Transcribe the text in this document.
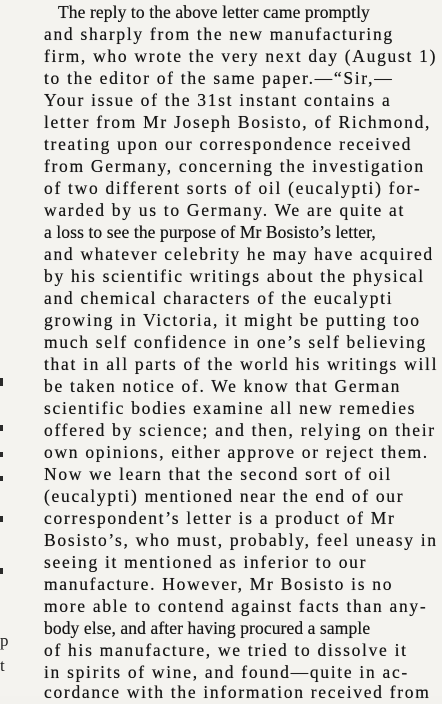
p
t
The reply to the above letter came promptly
and sharply from the new manufacturing
firm, who wrote the very next day (August 1)
to the editor of the same paper.—“Sir,—
Your issue of the 31st instant contains a
letter from Mr Joseph Bosisto, of Richmond,
treating upon our correspondence received
from Germany, concerning the investigation
of two different sorts of oil (eucalypti) for-
warded by us to Germany. We are quite at
a loss to see the purpose of Mr Bosisto’s letter,
and whatever celebrity he may have acquired
by his scientific writings about the physical
and chemical characters of the eucalypti
growing in Victoria, it might be putting too
much self confidence in one’s self believing
that in all parts of the world his writings will
be taken notice of. We know that German
scientific bodies examine all new remedies
offered by science; and then, relying on their
own opinions, either approve or reject them.
Now we learn that the second sort of oil
(eucalypti) mentioned near the end of our
correspondent’s letter is a product of Mr
Bosisto’s, who must, probably, feel uneasy in
seeing it mentioned as inferior to our
manufacture. However, Mr Bosisto is no
more able to contend against facts than any-
body else, and after having procured a sample
of his manufacture, we tried to dissolve it
in spirits of wine, and found—quite in ac-
cordance with the information received from
